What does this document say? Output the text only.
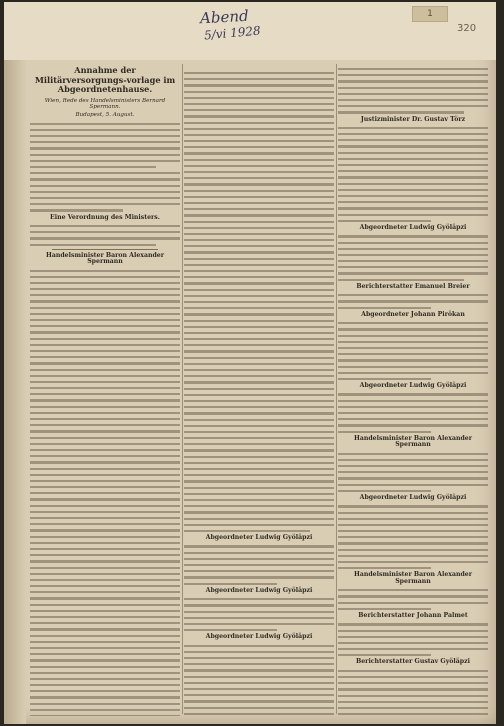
1
Abend
5/vi 1928	320
Annahme der Militärversorgungs-vorlage im Abgeordnetenhause.
Wien, Rede des Handelsministers Bernard Spermann.
Budapest, 5. August.
Eine Verordnung des Ministers.
Handelsminister Baron Alexander Spermann
Abgeordneter Ludwig Gyöläpzi
Abgeordneter Ludwig Gyöläpzi
Abgeordneter Ludwig Gyöläpzi
Justizminister Dr. Gustav Törz
Abgeordneter Ludwig Gyöläpzi
Berichterstatter Emanuel Breier
Abgeordneter Johann Pirökan
Abgeordneter Ludwig Gyöläpzi
Handelsminister Baron Alexander Spermann
Abgeordneter Ludwig Gyöläpzi
Handelsminister Baron Alexander Spermann
Berichterstatter Johann Palmet
Berichterstatter Gustav Gyöläpzi
